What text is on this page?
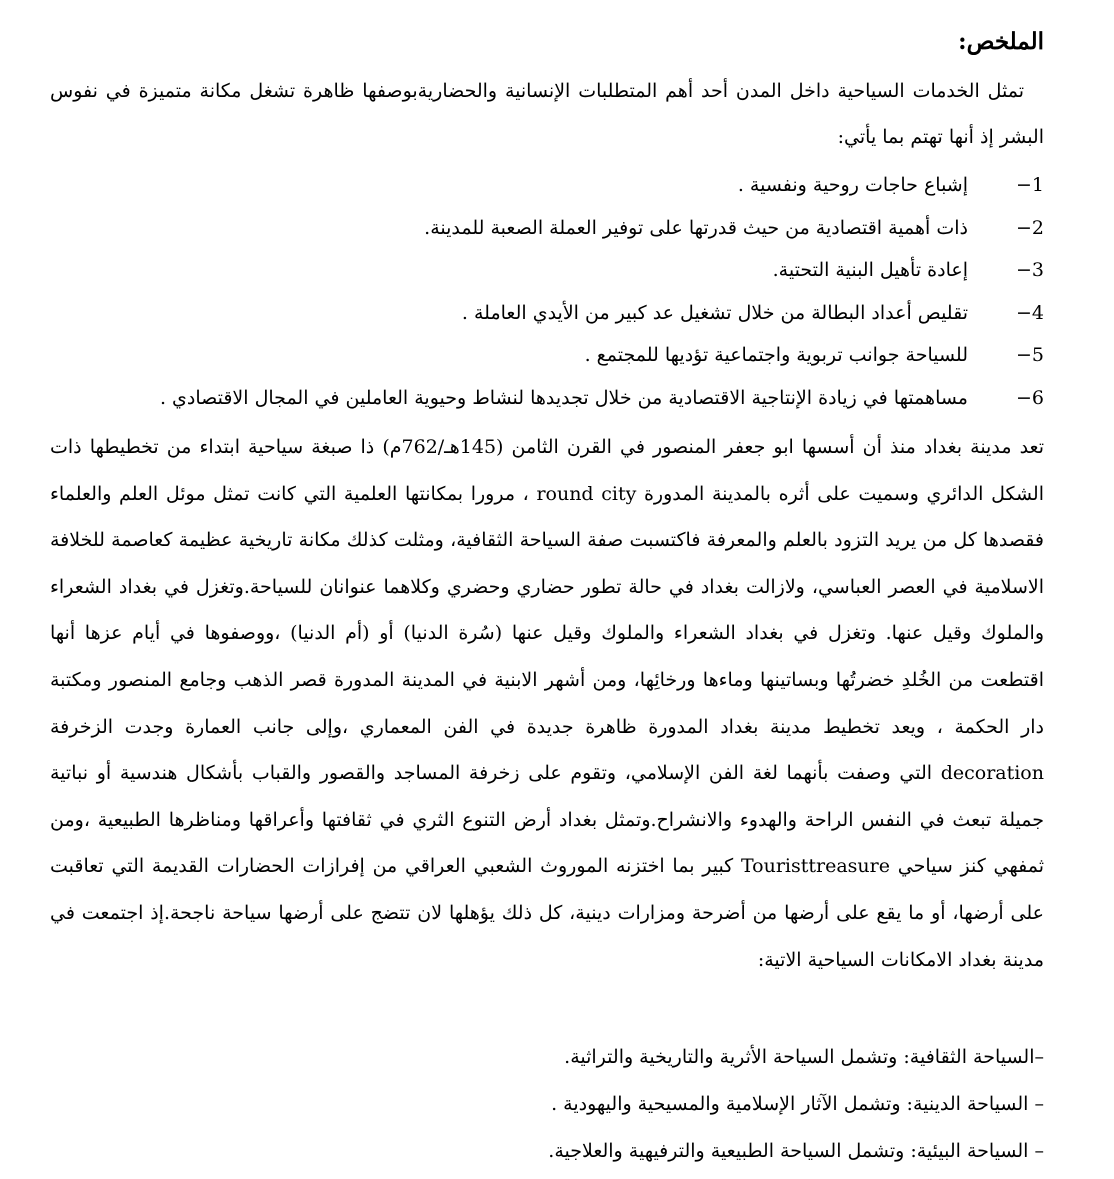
الملخص:

تمثل الخدمات السياحية داخل المدن أحد أهم المتطلبات الإنسانية والحضاريةبوصفها ظاهرة تشغل مكانة متميزة في نفوس البشر إذ أنها تهتم بما يأتي:

1−
إشباع حاجات روحية ونفسية .
2−
ذات أهمية اقتصادية من حيث قدرتها على توفير العملة الصعبة للمدينة.
3−
إعادة تأهيل البنية التحتية.
4−
تقليص أعداد البطالة من خلال تشغيل عد كبير من الأيدي العاملة .
5−
للسياحة جوانب تربوية واجتماعية تؤديها للمجتمع .
6−
مساهمتها في زيادة الإنتاجية الاقتصادية من خلال تجديدها لنشاط وحيوية العاملين في المجال الاقتصادي .

تعد مدينة بغداد منذ أن أسسها ابو جعفر المنصور في القرن الثامن (145هـ/762م) ذا صبغة سياحية ابتداء من تخطيطها ذات الشكل الدائري وسميت على أثره بالمدينة المدورة round city ، مرورا بمكانتها العلمية التي كانت تمثل موئل العلم والعلماء فقصدها كل من يريد التزود بالعلم والمعرفة فاكتسبت صفة السياحة الثقافية، ومثلت كذلك مكانة تاريخية عظيمة كعاصمة للخلافة الاسلامية في العصر العباسي، ولازالت بغداد في حالة تطور حضاري وحضري وكلاهما عنوانان للسياحة.وتغزل في بغداد الشعراء والملوك وقيل عنها. وتغزل في بغداد الشعراء والملوك وقيل عنها (سُرة الدنيا) أو (أم الدنيا) ،ووصفوها في أيام عزها أنها اقتطعت من الخُلدِ خضرتُها وبساتينها وماءها ورخائِها، ومن أشهر الابنية في المدينة المدورة قصر الذهب وجامع المنصور ومكتبة دار الحكمة ، ويعد تخطيط مدينة بغداد المدورة ظاهرة جديدة في الفن المعماري ،وإلى جانب العمارة وجدت الزخرفة decoration التي وصفت بأنهما لغة الفن الإسلامي، وتقوم على زخرفة المساجد والقصور والقباب بأشكال هندسية أو نباتية جميلة تبعث في النفس الراحة والهدوء والانشراح.وتمثل بغداد أرض التنوع الثري في ثقافتها وأعراقها ومناظرها الطبيعية ،ومن ثمفهي كنز سياحي Touristtreasure كبير بما اختزنه الموروث الشعبي العراقي من إفرازات الحضارات القديمة التي تعاقبت على أرضها، أو ما يقع على أرضها من أضرحة ومزارات دينية، كل ذلك يؤهلها لان تتضج على أرضها سياحة ناجحة.إذ اجتمعت في مدينة بغداد الامكانات السياحية الاتية:

–السياحة الثقافية: وتشمل السياحة الأثرية والتاريخية والتراثية.
– السياحة الدينية: وتشمل الآثار الإسلامية والمسيحية واليهودية .
– السياحة البيئية: وتشمل السياحة الطبيعية والترفيهية والعلاجية.
